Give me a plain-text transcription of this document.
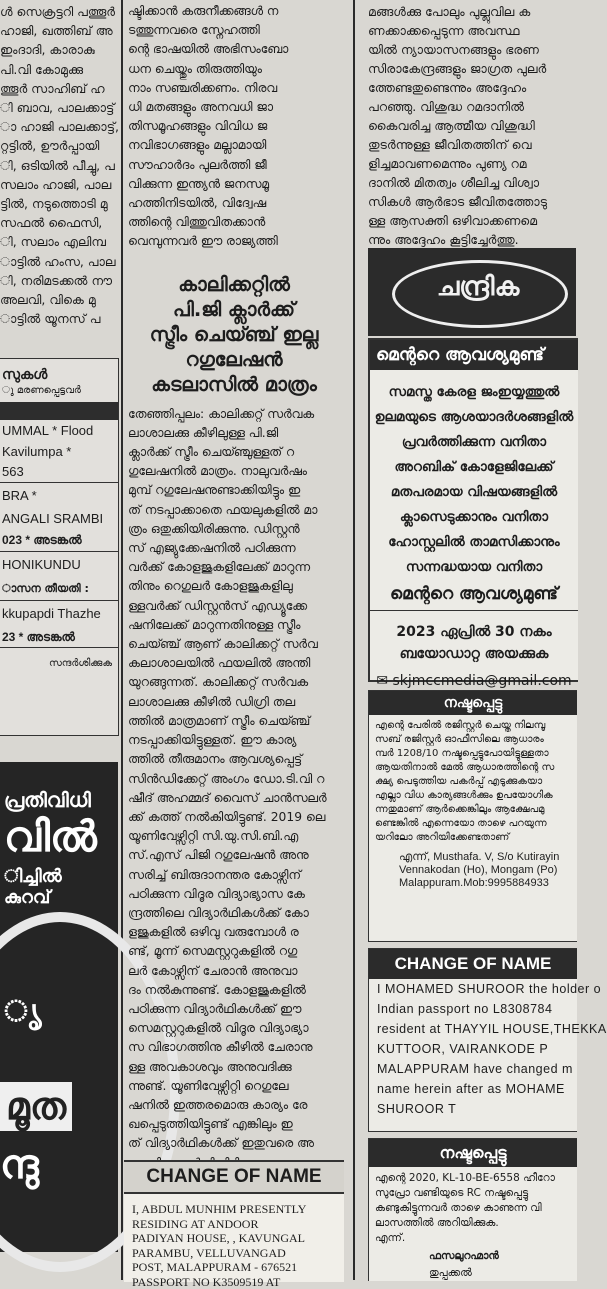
ൾ സെക്രട്ടറി പത്തൂർ
ഹാജി, ഖത്തിബ് അ
ഇംദാദി, കാരാകു
പി.വി കോമുക്കു
ത്തൂർ സാഹിബ് ഹ
ി ബാവ, പാലക്കാട്ട്
ാ ഹാജി പാലക്കാട്ട്,
റ്റട്ടിൽ, ഊർപ്പായി
ി, ഒടിയിൽ പീച്ചു, പ
സലാം ഹാജി, പാല
ട്ടിൽ, നടുത്തൊടി മു
സഫൽ ഫൈസി,
ി, സലാം എലിമ്പ
ാട്ടിൽ ഹംസ, പാല
ി, നരിമടക്കൽ നൗ
അലവി, വികെ മു
ാട്ടിൽ യൂനസ് പ
സുകൾ
ു മരണപ്പെട്ടവർ
UMMAL * Flood
Kavilumpa *
563
BRA *
ANGALI SRAMBI
023 * അടങ്കൽ
HONIKUNDU
ാസന തീയതി :
kkupapdi Thazhe
23 * അടങ്കൽ
സന്ദർശിക്കുക
പ്രതിവിധി
വിൽ
ിച്ചിൽ
കുറവ്
ൃ
മൂത
ന്ദു
ഷ്ടിക്കാൻ കരുനീക്കങ്ങൾ ന
ടത്തുന്നവരെ സ്നേഹത്തി
ന്റെ ഭാഷയിൽ അഭിസംബോ
ധന ചെയ്തും തിരുത്തിയും
നാം സഞ്ചരിക്കണം. നിരവ
ധി മതങ്ങളും അനവധി ജാ
തിസമൂഹങ്ങളും വിവിധ ജ
നവിഭാഗങ്ങളും മല്ലാമായി
സൗഹാർദം പുലർത്തി ജീ
വിക്കുന്ന ഇന്ത്യൻ ജനസമൂ
ഹത്തിനിടയിൽ, വിദ്വേഷ
ത്തിന്റെ വിത്തുവിതക്കാൻ
വെമ്പുന്നവർ ഈ രാജ്യത്തി
കാലിക്കറ്റിൽ
പി.ജി ക്ലാർക്ക്
സ്ട്രീം ചെയ്ഞ്ച് ഇല്ല
റഗുലേഷൻ
കടലാസിൽ മാത്രം
തേഞ്ഞിപ്പലം: കാലിക്കറ്റ് സർവക
ലാശാലക്കു കീഴിലുള്ള പി.ജി
ക്ലാർക്ക് സ്ട്രീം ചെയ്ഞ്ചുള്ളത് റ
ഗുലേഷനിൽ മാത്രം. നാലുവർഷം
മുമ്പ് റഗുലേഷനുണ്ടാക്കിയിട്ടും ഇ
ത് നടപ്പാക്കാതെ ഫയലുകളിൽ മാ
ത്രം ഒതുക്കിയിരിക്കുന്നു. ഡിസ്റ്റൻ
സ് എജ്യുക്കേഷനിൽ പഠിക്കുന്ന
വർക്ക് കോളജുകളിലേക്ക് മാറുന്ന
തിനും റെഗുലർ കോളജുകളിലു
ള്ളവർക്ക് ഡിസ്റ്റൻസ് എഡ്യൂക്കേ
ഷനിലേക്ക് മാറുന്നതിനുള്ള സ്ട്രീം
ചെയ്ഞ്ച് ആണ് കാലിക്കറ്റ് സർവ
കലാശാലയിൽ ഫയലിൽ അന്തി
യുറങ്ങുന്നത്. കാലിക്കറ്റ് സർവക
ലാശാലക്കു കീഴിൽ ഡിഗ്രി തല
ത്തിൽ മാത്രമാണ് സ്ട്രീം ചെയ്ഞ്ച്
നടപ്പാക്കിയിട്ടുള്ളത്. ഈ കാര്യ
ത്തിൽ തീരുമാനം ആവശ്യപ്പെട്ട്
സിൻഡിക്കേറ്റ് അംഗം ഡോ.ടി.വി റ
ഷീദ് അഹമ്മദ് വൈസ് ചാൻസലർ
ക്ക് കത്ത് നൽകിയിട്ടുണ്ട്. 2019 ലെ
യൂണിവേഴ്സിറ്റി സി.യു.സി.ബി.എ
സ്.എസ് പിജി റഗുലേഷൻ അനു
സരിച്ച് ബിരുദാനന്തര കോഴ്സിന്
പഠിക്കുന്ന വിദൂര വിദ്യാഭ്യാസ കേ
ന്ദ്രത്തിലെ വിദ്യാർഥികൾക്ക് കോ
ളജുകളിൽ ഒഴിവു വരുമ്പോൾ ര
ണ്ട്, മൂന്ന് സെമസ്റ്ററുകളിൽ റഗു
ലർ കോഴ്സിന് ചേരാൻ അനുവാ
ദം നൽകുന്നുണ്ട്. കോളജുകളിൽ
പഠിക്കുന്ന വിദ്യാർഥികൾക്ക് ഈ
സെമസ്റ്ററുകളിൽ വിദൂര വിദ്യാഭ്യാ
സ വിഭാഗത്തിനു കീഴിൽ ചേരാനു
ള്ള അവകാശവും അനുവദിക്കു
ന്നുണ്ട്. യൂണിവേഴ്സിറ്റി റെഗുലേ
ഷനിൽ ഇത്തരമൊരു കാര്യം രേ
ഖപ്പെടുത്തിയിട്ടുണ്ട് എങ്കിലും ഇ
ത് വിദ്യാർഥികൾക്ക് ഇതുവരെ അ
CHANGE OF NAME
I, ABDUL MUNHIM PRESENTLY
RESIDING AT ANDOOR
PADIYAN HOUSE, , KAVUNGAL
PARAMBU, VELLUVANGAD
POST, MALAPPURAM - 676521
PASSPORT NO K3509519 AT
മങ്ങൾക്കു പോലും പുല്ലുവില ക
ണക്കാക്കപ്പെടുന്ന അവസ്ഥ
യിൽ ന്യായാസനങ്ങളും ഭരണ
സിരാകേന്ദ്രങ്ങളും ജാഗ്രത പുലർ
ത്തേണ്ടതുണ്ടെന്നും അദ്ദേഹം
പറഞ്ഞു. വിശുദ്ധ റമദാനിൽ
കൈവരിച്ച ആത്മീയ വിശുദ്ധി
തുടർന്നുള്ള ജീവിതത്തിന് വെ
ളിച്ചമാവണമെന്നും പുണ്യ റമ
ദാനിൽ മിതത്വം ശീലിച്ച വിശ്വാ
സികൾ ആർഭാട ജീവിതത്തോടു
ള്ള ആസക്തി ഒഴിവാക്കണമെ
ന്നും അദ്ദേഹം കൂട്ടിച്ചേർത്തു.
ചന്ദ്രിക
മെന്ററെ ആവശ്യമുണ്ട്
സമസ്ത കേരള ജംഇയ്യത്തുൽ
ഉലമയുടെ ആശയാദർശങ്ങളിൽ
പ്രവർത്തിക്കുന്ന വനിതാ
അറബിക് കോളേജിലേക്ക്
മതപരമായ വിഷയങ്ങളിൽ
ക്ലാസെടുക്കാനും വനിതാ
ഹോസ്റ്റലിൽ താമസിക്കാനും
സന്നദ്ധയായ വനിതാ
മെന്ററെ ആവശ്യമുണ്ട്
2023 ഏപ്രിൽ 30 നകം
ബയോഡാറ്റ അയക്കുക
✉ skjmccmedia@gmail.com
നഷ്ടപ്പെട്ടു
എന്റെ പേരിൽ രജിസ്റ്റർ ചെയ്ത നിലമ്പൂ
സബ് രജിസ്റ്റർ ഓഫീസിലെ ആധാരം
മ്പർ 1208/10 നഷ്ടപ്പെട്ടുപോയിട്ടുള്ളതാ
ആയതിനാൽ മേൽ ആധാരത്തിന്റെ സ
ക്ഷ്യ പെടുത്തിയ പകർപ്പ് എടുക്കുകയാ
എല്ലാ വിധ കാര്യങ്ങൾക്കും ഉപയോഗിക
ന്നതുമാണ് ആർക്കെങ്കിലും ആക്ഷേപമു
ണ്ടെങ്കിൽ എന്നെയോ താഴെ പറയുന്ന
യറിലോ അറിയിക്കേണ്ടതാണ്
എന്ന്, Musthafa. V, S/o Kutirayin
Vennakodan (Ho), Mongam (Po)
Malappuram.Mob:9995884933
CHANGE OF NAME
I MOHAMED SHUROOR the holder o
Indian passport no L8308784
resident at THAYYIL HOUSE,THEKKA
KUTTOOR, VAIRANKODE P
MALAPPURAM have changed m
name herein after as MOHAME
SHUROOR T
നഷ്ടപ്പെട്ടു
എന്റെ 2020, KL-10-BE-6558 ഹീറോ
സുപ്രോ വണ്ടിയുടെ RC നഷ്ടപ്പെട്ടു
കണ്ടുകിട്ടുന്നവർ താഴെ കാണുന്ന വി
ലാസത്തിൽ അറിയിക്കുക.
എന്ന്.
ഫസലുറഹ്മാൻ
തുപ്പക്കൽ
